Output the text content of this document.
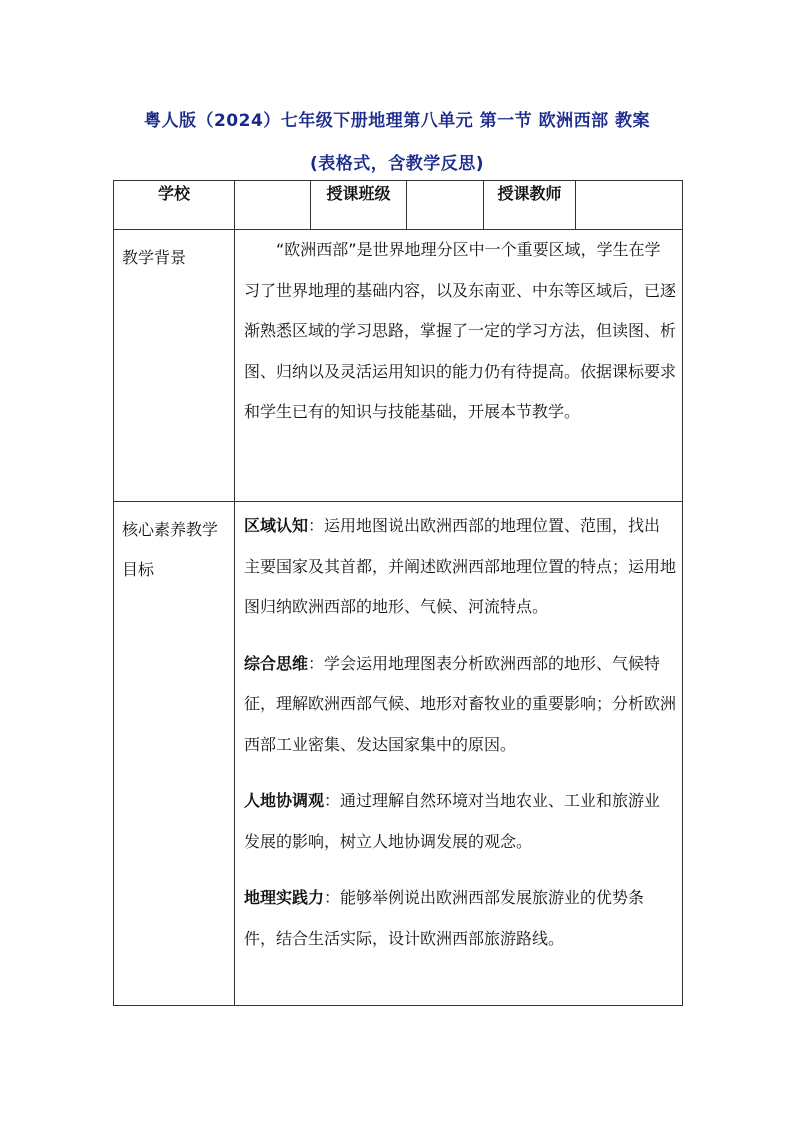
粤人版（2024）七年级下册地理第八单元 第一节 欧洲西部 教案
(表格式，含教学反思)
学校		授课班级		授课教师	
教学背景	“欧洲西部”是世界地理分区中一个重要区域，学生在学习了世界地理的基础内容，以及东南亚、中东等区域后，已逐渐熟悉区域的学习思路，掌握了一定的学习方法，但读图、析图、归纳以及灵活运用知识的能力仍有待提高。依据课标要求和学生已有的知识与技能基础，开展本节教学。				

核心素养教学目标	区域认知：运用地图说出欧洲西部的地理位置、范围，找出主要国家及其首都，并阐述欧洲西部地理位置的特点；运用地图归纳欧洲西部的地形、气候、河流特点。

综合思维：学会运用地理图表分析欧洲西部的地形、气候特征，理解欧洲西部气候、地形对畜牧业的重要影响；分析欧洲西部工业密集、发达国家集中的原因。

人地协调观：通过理解自然环境对当地农业、工业和旅游业发展的影响，树立人地协调发展的观念。

地理实践力：能够举例说出欧洲西部发展旅游业的优势条件，结合生活实际，设计欧洲西部旅游路线。				
